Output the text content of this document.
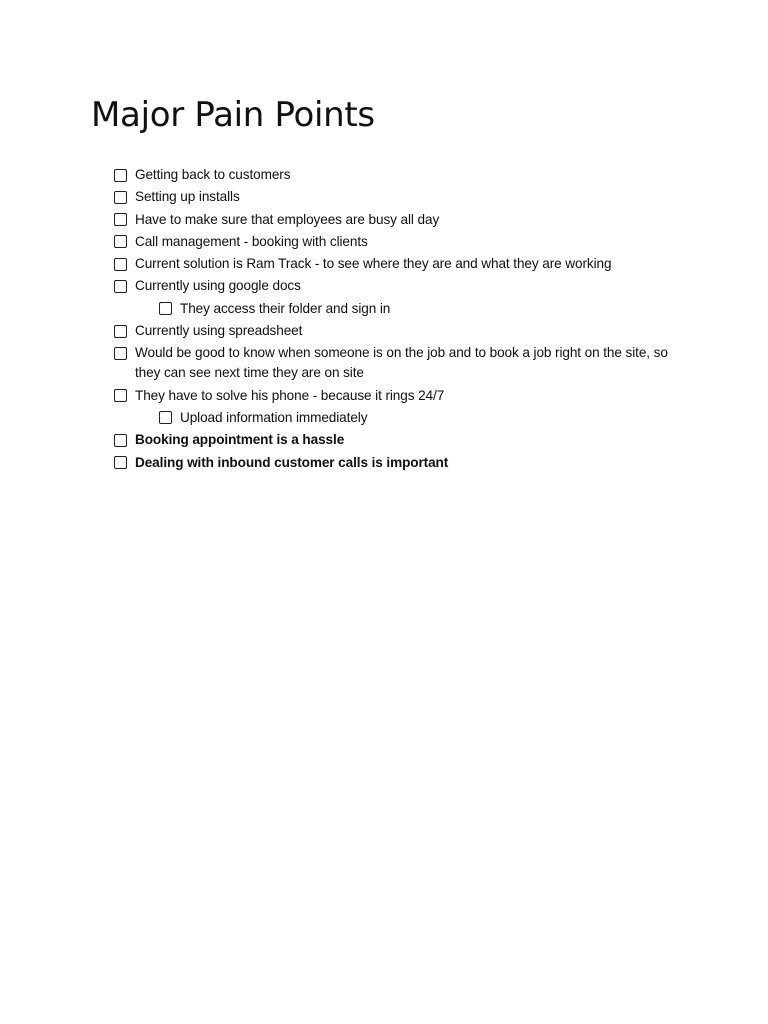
Major Pain Points
Getting back to customers
Setting up installs
Have to make sure that employees are busy all day
Call management - booking with clients
Current solution is Ram Track - to see where they are and what they are working
Currently using google docs
They access their folder and sign in
Currently using spreadsheet
Would be good to know when someone is on the job and to book a job right on the site, so they can see next time they are on site
They have to solve his phone - because it rings 24/7
Upload information immediately
Booking appointment is a hassle
Dealing with inbound customer calls is important
